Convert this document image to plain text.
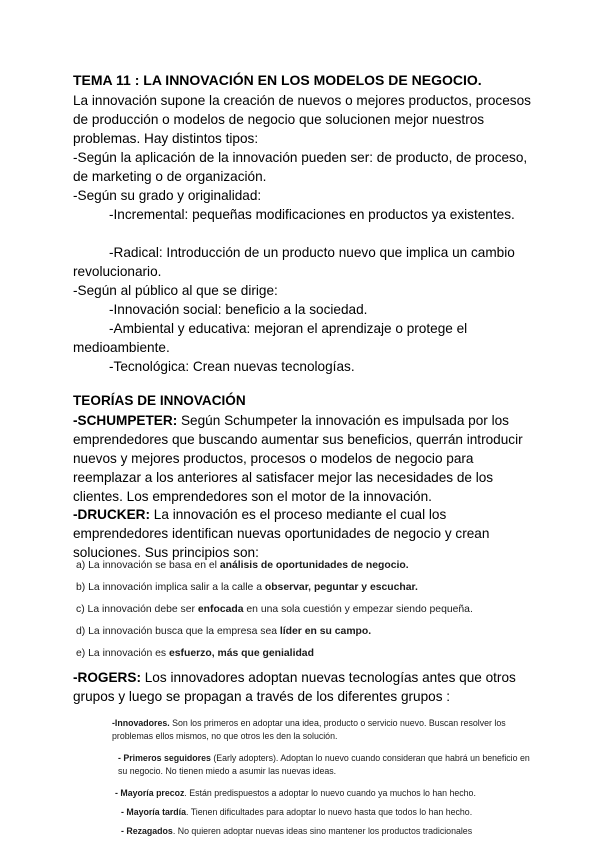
TEMA 11 : LA INNOVACIÓN EN LOS MODELOS DE NEGOCIO.

La innovación supone la creación de nuevos o mejores productos, procesos de producción o modelos de negocio que solucionen mejor nuestros problemas. Hay distintos tipos:

-Según la aplicación de la innovación pueden ser: de producto, de proceso, de marketing o de organización.

-Según su grado y originalidad:

-Incremental: pequeñas modificaciones en productos ya existentes.

-Radical: Introducción de un producto nuevo que implica un cambio revolucionario.

-Según al público al que se dirige:

-Innovación social: beneficio a la sociedad.

-Ambiental y educativa: mejoran el aprendizaje o protege el medioambiente.

-Tecnológica: Crean nuevas tecnologías.

TEORÍAS DE INNOVACIÓN

-SCHUMPETER: Según Schumpeter la innovación es impulsada por los emprendedores que buscando aumentar sus beneficios, querrán introducir nuevos y mejores productos, procesos o modelos de negocio para reemplazar a los anteriores al satisfacer mejor las necesidades de los clientes. Los emprendedores son el motor de la innovación.

-DRUCKER: La innovación es el proceso mediante el cual los emprendedores identifican nuevas oportunidades de negocio y crean soluciones. Sus principios son:

a) La innovación se basa en el análisis de oportunidades de negocio.

b) La innovación implica salir a la calle a observar, peguntar y escuchar.

c) La innovación debe ser enfocada en una sola cuestión y empezar siendo pequeña.

d) La innovación busca que la empresa sea líder en su campo.

e) La innovación es esfuerzo, más que genialidad

-ROGERS: Los innovadores adoptan nuevas tecnologías antes que otros grupos y luego se propagan a través de los diferentes grupos :

-Innovadores. Son los primeros en adoptar una idea, producto o servicio nuevo. Buscan resolver los problemas ellos mismos, no que otros les den la solución.

- Primeros seguidores (Early adopters). Adoptan lo nuevo cuando consideran que habrá un beneficio en su negocio. No tienen miedo a asumir las nuevas ideas.

- Mayoría precoz. Están predispuestos a adoptar lo nuevo cuando ya muchos lo han hecho.

- Mayoría tardía. Tienen dificultades para adoptar lo nuevo hasta que todos lo han hecho.

- Rezagados. No quieren adoptar nuevas ideas sino mantener los productos tradicionales
